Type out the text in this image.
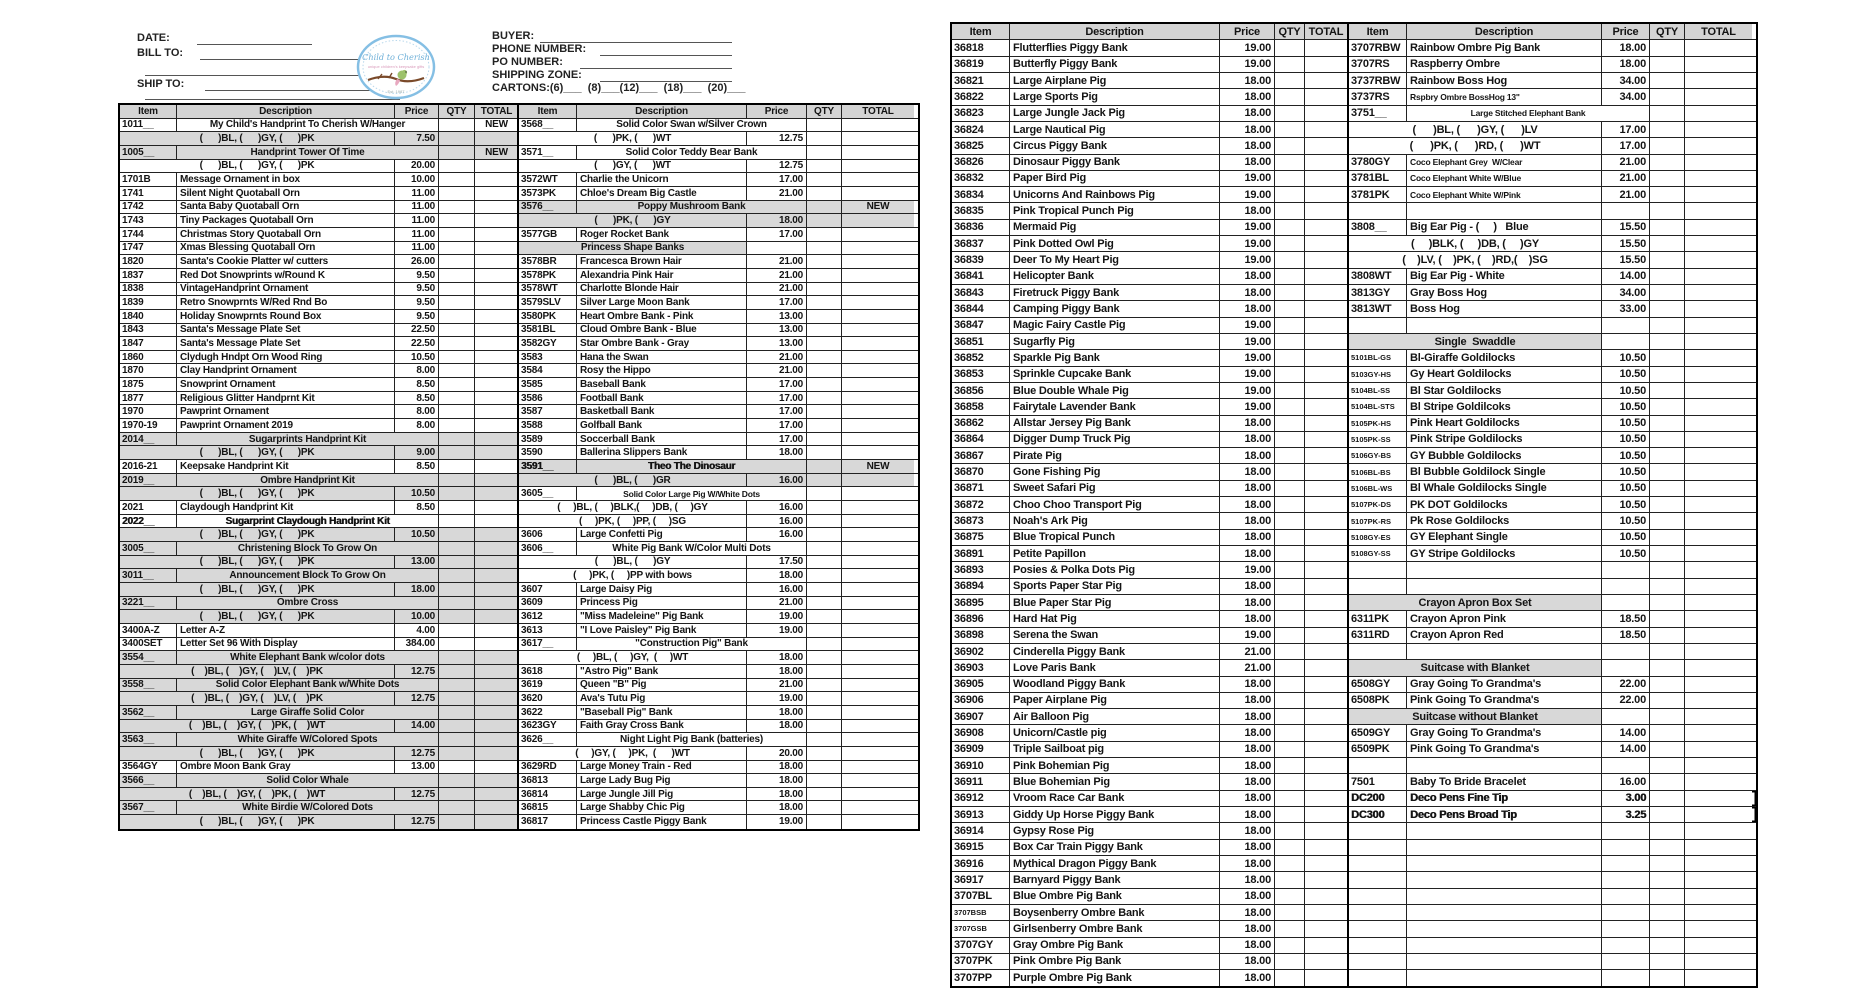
DATE:
BILL TO:
SHIP TO:
BUYER:
PHONE NUMBER:
PO NUMBER:
SHIPPING ZONE:
CARTONS:(6)___  (8)___(12)___  (18)___  (20)___
Child to Cherish
unique children's keepsake gifts
Est. 1987
Item	Description	Price	QTY	TOTAL
1011__	My Child's Handprint To Cherish W/Hanger	NEW
(      )BL, (      )GY, (      )PK	7.50
1005__	Handprint Tower Of Time	NEW
(      )BL, (      )GY, (      )PK	20.00
1701B	Message Ornament in box	10.00
1741	Silent Night Quotaball Orn	11.00
1742	Santa Baby Quotaball Orn	11.00
1743	Tiny Packages Quotaball Orn	11.00
1744	Christmas Story Quotaball Orn	11.00
1747	Xmas Blessing Quotaball Orn	11.00
1820	Santa's Cookie Platter w/ cutters	26.00
1837	Red Dot Snowprints w/Round K	9.50
1838	VintageHandprint Ornament	9.50
1839	Retro Snowprnts W/Red Rnd Bo	9.50
1840	Holiday Snowprnts Round Box	9.50
1843	Santa's Message Plate Set	22.50
1847	Santa's Message Plate Set	22.50
1860	Clydugh Hndpt Orn Wood Ring	10.50
1870	Clay Handprint Ornament	8.00
1875	Snowprint Ornament	8.50
1877	Religious Glitter Handprnt Kit	8.50
1970	Pawprint Ornament	8.00
1970-19	Pawprint Ornament 2019	8.00
2014__	Sugarprints Handprint Kit
(      )BL, (      )GY, (      )PK	9.00
2016-21	Keepsake Handprint Kit	8.50
2019__	Ombre Handprint Kit
(      )BL, (      )GY, (      )PK	10.50
2021	Claydough Handprint Kit	8.50
2022__	Sugarprint Claydough Handprint Kit
(      )BL, (      )GY, (      )PK	10.50
3005__	Christening Block To Grow On
(      )BL, (      )GY, (      )PK	13.00
3011__	Announcement Block To Grow On
(      )BL, (      )GY, (      )PK	18.00
3221__	Ombre Cross
(      )BL, (      )GY, (      )PK	10.00
3400A-Z	Letter A-Z	4.00
3400SET	Letter Set 96 With Display	384.00
3554__	White Elephant Bank w/color dots
(    )BL, (    )GY, (    )LV, (    )PK	12.75
3558__	Solid Color Elephant Bank w/White Dots
(    )BL, (    )GY, (    )LV, (    )PK	12.75
3562__	Large Giraffe Solid Color
(    )BL, (    )GY, (    )PK, (    )WT	14.00
3563__	White Giraffe W/Colored Spots
(      )BL, (      )GY, (      )PK	12.75
3564GY	Ombre Moon Bank Gray	13.00
3566__	Solid Color Whale
(    )BL, (    )GY, (    )PK, (    )WT	12.75
3567__	White Birdie W/Colored Dots
(      )BL, (      )GY, (      )PK	12.75
Item	Description	Price	QTY	TOTAL
3568__	Solid Color Swan w/Silver Crown
(      )PK, (      )WT	12.75
3571__	Solid Color Teddy Bear Bank
(      )GY, (      )WT	12.75
3572WT	Charlie the Unicorn	17.00
3573PK	Chloe's Dream Big Castle	21.00
3576__	Poppy Mushroom Bank	NEW
(      )PK, (      )GY	18.00
3577GB	Roger Rocket Bank	17.00
Princess Shape Banks
3578BR	Francesca Brown Hair	21.00
3578PK	Alexandria Pink Hair	21.00
3578WT	Charlotte Blonde Hair	21.00
3579SLV	Silver Large Moon Bank	17.00
3580PK	Heart Ombre Bank - Pink	13.00
3581BL	Cloud Ombre Bank - Blue	13.00
3582GY	Star Ombre Bank - Gray	13.00
3583	Hana the Swan	21.00
3584	Rosy the Hippo	21.00
3585	Baseball Bank	17.00
3586	Football Bank	17.00
3587	Basketball Bank	17.00
3588	Golfball Bank	17.00
3589	Soccerball Bank	17.00
3590	Ballerina Slippers Bank	18.00
3591__	Theo The Dinosaur	NEW
(      )BL, (      )GR	16.00
3605__	Solid Color Large Pig W/White Dots
(     )BL, (     )BLK,(     )DB, (     )GY	16.00
(     )PK, (     )PP, (     )SG	16.00
3606	Large Confetti Pig	16.00
3606__	White Pig Bank W/Color Multi Dots
(      )BL, (      )GY	17.50
(     )PK, (     )PP with bows	18.00
3607	Large Daisy Pig	16.00
3609	Princess Pig	21.00
3612	"Miss Madeleine" Pig Bank	19.00
3613	"I Love Paisley" Pig Bank	19.00
3617__	"Construction Pig" Bank
(     )BL, (     )GY,  (     )WT	18.00
3618	"Astro Pig" Bank	18.00
3619	Queen "B" Pig	21.00
3620	Ava's Tutu Pig	19.00
3622	"Baseball Pig" Bank	18.00
3623GY	Faith Gray Cross Bank	18.00
3626__	Night Light Pig Bank (batteries)
(     )GY, (     )PK,  (      )WT	20.00
3629RD	Large Money Train - Red	18.00
36813	Large Lady Bug Pig	18.00
36814	Large Jungle Jill Pig	18.00
36815	Large Shabby Chic Pig	18.00
36817	Princess Castle Piggy Bank	19.00
Item	Description	Price	QTY TOTAL
36818	Flutterflies Piggy Bank	19.00
36819	Butterfly Piggy Bank	19.00
36821	Large Airplane Pig	18.00
36822	Large Sports Pig	18.00
36823	Large Jungle Jack Pig	18.00
36824	Large Nautical Pig	18.00
36825	Circus Piggy Bank	18.00
36826	Dinosaur Piggy Bank	18.00
36832	Paper Bird Pig	19.00
36834	Unicorns And Rainbows Pig	19.00
36835	Pink Tropical Punch Pig	18.00
36836	Mermaid Pig	19.00
36837	Pink Dotted Owl Pig	19.00
36839	Deer To My Heart Pig	19.00
36841	Helicopter Bank	18.00
36843	Firetruck Piggy Bank	18.00
36844	Camping Piggy Bank	18.00
36847	Magic Fairy Castle Pig	19.00
36851	Sugarfly Pig	19.00
36852	Sparkle Pig Bank	19.00
36853	Sprinkle Cupcake Bank	19.00
36856	Blue Double Whale Pig	19.00
36858	Fairytale Lavender Bank	19.00
36862	Allstar Jersey Pig Bank	18.00
36864	Digger Dump Truck Pig	18.00
36867	Pirate Pig	18.00
36870	Gone Fishing Pig	18.00
36871	Sweet Safari Pig	18.00
36872	Choo Choo Transport Pig	18.00
36873	Noah's Ark Pig	18.00
36875	Blue Tropical Punch	18.00
36891	Petite Papillon	18.00
36893	Posies & Polka Dots Pig	19.00
36894	Sports Paper Star Pig	18.00
36895	Blue Paper Star Pig	18.00
36896	Hard Hat Pig	18.00
36898	Serena the Swan	19.00
36902	Cinderella Piggy Bank	21.00
36903	Love Paris Bank	21.00
36905	Woodland Piggy Bank	18.00
36906	Paper Airplane Pig	18.00
36907	Air Balloon Pig	18.00
36908	Unicorn/Castle pig	18.00
36909	Triple Sailboat pig	18.00
36910	Pink Bohemian Pig	18.00
36911	Blue Bohemian Pig	18.00
36912	Vroom Race Car Bank	18.00
36913	Giddy Up Horse Piggy Bank	18.00
36914	Gypsy Rose Pig	18.00
36915	Box Car Train Piggy Bank	18.00
36916	Mythical Dragon Piggy Bank	18.00
36917	Barnyard Piggy Bank	18.00
3707BL	Blue Ombre Pig Bank	18.00
3707BSB	Boysenberry Ombre Bank	18.00
3707GSB	Girlsenberry Ombre Bank	18.00
3707GY	Gray Ombre Pig Bank	18.00
3707PK	Pink Ombre Pig Bank	18.00
3707PP	Purple Ombre Pig Bank	18.00
Item	Description	Price	QTY	TOTAL
3707RBW Rainbow Ombre Pig Bank	18.00
3707RS	Raspberry Ombre	18.00
3737RBW Rainbow Boss Hog	34.00
3737RS	Rspbry Ombre BossHog 13"	34.00
3751__	Large Stitched Elephant Bank
(      )BL, (      )GY, (      )LV	17.00
(      )PK, (      )RD, (      )WT	17.00
3780GY	Coco Elephant Grey  W/Clear	21.00
3781BL	Coco Elephant White W/Blue	21.00
3781PK	Coco Elephant White W/Pink	21.00
3808__	Big Ear Pig - (     )   Blue	15.50
(     )BLK, (     )DB, (     )GY	15.50
(    )LV, (    )PK, (    )RD,(    )SG	15.50
3808WT	Big Ear Pig - White	14.00
3813GY	Gray Boss Hog	34.00
3813WT	Boss Hog	33.00
Single  Swaddle
5101BL-GS	Bl-Giraffe Goldilocks	10.50
5103GY-HS	Gy Heart Goldilocks	10.50
5104BL-SS	Bl Star Goldilocks	10.50
5104BL-STS	Bl Stripe Goldilcoks	10.50
5105PK-HS	Pink Heart Goldilocks	10.50
5105PK-SS	Pink Stripe Goldilocks	10.50
5106GY-BS	GY Bubble Goldilocks	10.50
5106BL-BS	Bl Bubble Goldilock Single	10.50
5106BL-WS	Bl Whale Goldilocks Single	10.50
5107PK-DS	PK DOT Goldilocks	10.50
5107PK-RS	Pk Rose Goldilocks	10.50
5108GY-ES	GY Elephant Single	10.50
5108GY-SS	GY Stripe Goldilocks	10.50
Crayon Apron Box Set
6311PK	Crayon Apron Pink	18.50
6311RD	Crayon Apron Red	18.50
Suitcase with Blanket
6508GY	Gray Going To Grandma's	22.00
6508PK	Pink Going To Grandma's	22.00
Suitcase without Blanket
6509GY	Gray Going To Grandma's	14.00
6509PK	Pink Going To Grandma's	14.00
7501	Baby To Bride Bracelet	16.00
DC200	Deco Pens Fine Tip	3.00
DC300	Deco Pens Broad Tip	3.25
